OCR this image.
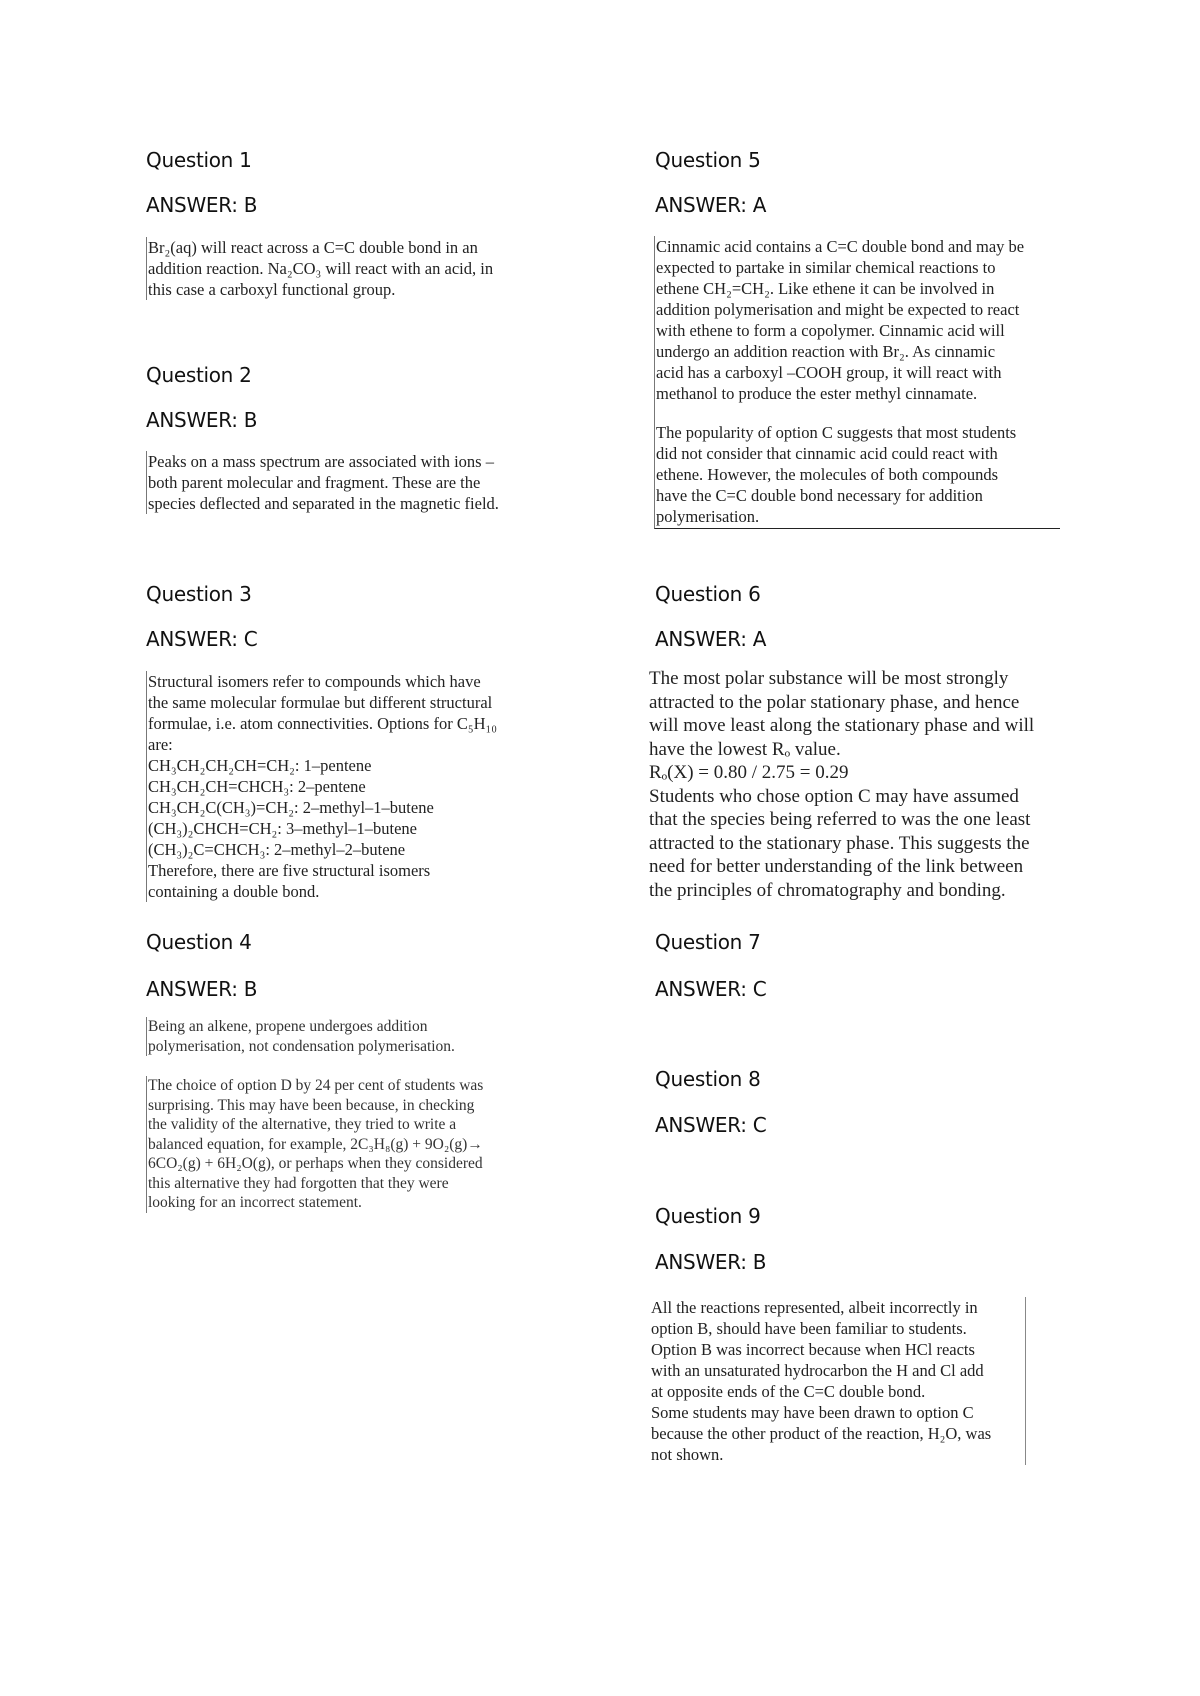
Question 1
ANSWER: B
Br₂(aq) will react across a C=C double bond in an
addition reaction. Na₂CO₃ will react with an acid, in
this case a carboxyl functional group.
Question 2
ANSWER: B
Peaks on a mass spectrum are associated with ions –
both parent molecular and fragment. These are the
species deflected and separated in the magnetic field.
Question 3
ANSWER: C
Structural isomers refer to compounds which have
the same molecular formulae but different structural
formulae, i.e. atom connectivities. Options for C₅H₁₀
are:
CH₃CH₂CH₂CH=CH₂: 1–pentene
CH₃CH₂CH=CHCH₃: 2–pentene
CH₃CH₂C(CH₃)=CH₂: 2–methyl–1–butene
(CH₃)₂CHCH=CH₂: 3–methyl–1–butene
(CH₃)₂C=CHCH₃: 2–methyl–2–butene
Therefore, there are five structural isomers
containing a double bond.
Question 4
ANSWER: B
Being an alkene, propene undergoes addition
polymerisation, not condensation polymerisation.
The choice of option D by 24 per cent of students was
surprising. This may have been because, in checking
the validity of the alternative, they tried to write a
balanced equation, for example, 2C₃H₈(g) + 9O₂(g)→
6CO₂(g) + 6H₂O(g), or perhaps when they considered
this alternative they had forgotten that they were
looking for an incorrect statement.
Question 5
ANSWER: A
Cinnamic acid contains a C=C double bond and may be
expected to partake in similar chemical reactions to
ethene CH₂=CH₂. Like ethene it can be involved in
addition polymerisation and might be expected to react
with ethene to form a copolymer. Cinnamic acid will
undergo an addition reaction with Br₂. As cinnamic
acid has a carboxyl –COOH group, it will react with
methanol to produce the ester methyl cinnamate.
The popularity of option C suggests that most students
did not consider that cinnamic acid could react with
ethene. However, the molecules of both compounds
have the C=C double bond necessary for addition
polymerisation.
Question 6
ANSWER: A
The most polar substance will be most strongly
attracted to the polar stationary phase, and hence
will move least along the stationary phase and will
have the lowest Rₒ value.
Rₒ(X) = 0.80 / 2.75 = 0.29
Students who chose option C may have assumed
that the species being referred to was the one least
attracted to the stationary phase. This suggests the
need for better understanding of the link between
the principles of chromatography and bonding.
Question 7
ANSWER: C
Question 8
ANSWER: C
Question 9
ANSWER: B
All the reactions represented, albeit incorrectly in
option B, should have been familiar to students.
Option B was incorrect because when HCl reacts
with an unsaturated hydrocarbon the H and Cl add
at opposite ends of the C=C double bond.
Some students may have been drawn to option C
because the other product of the reaction, H₂O, was
not shown.
